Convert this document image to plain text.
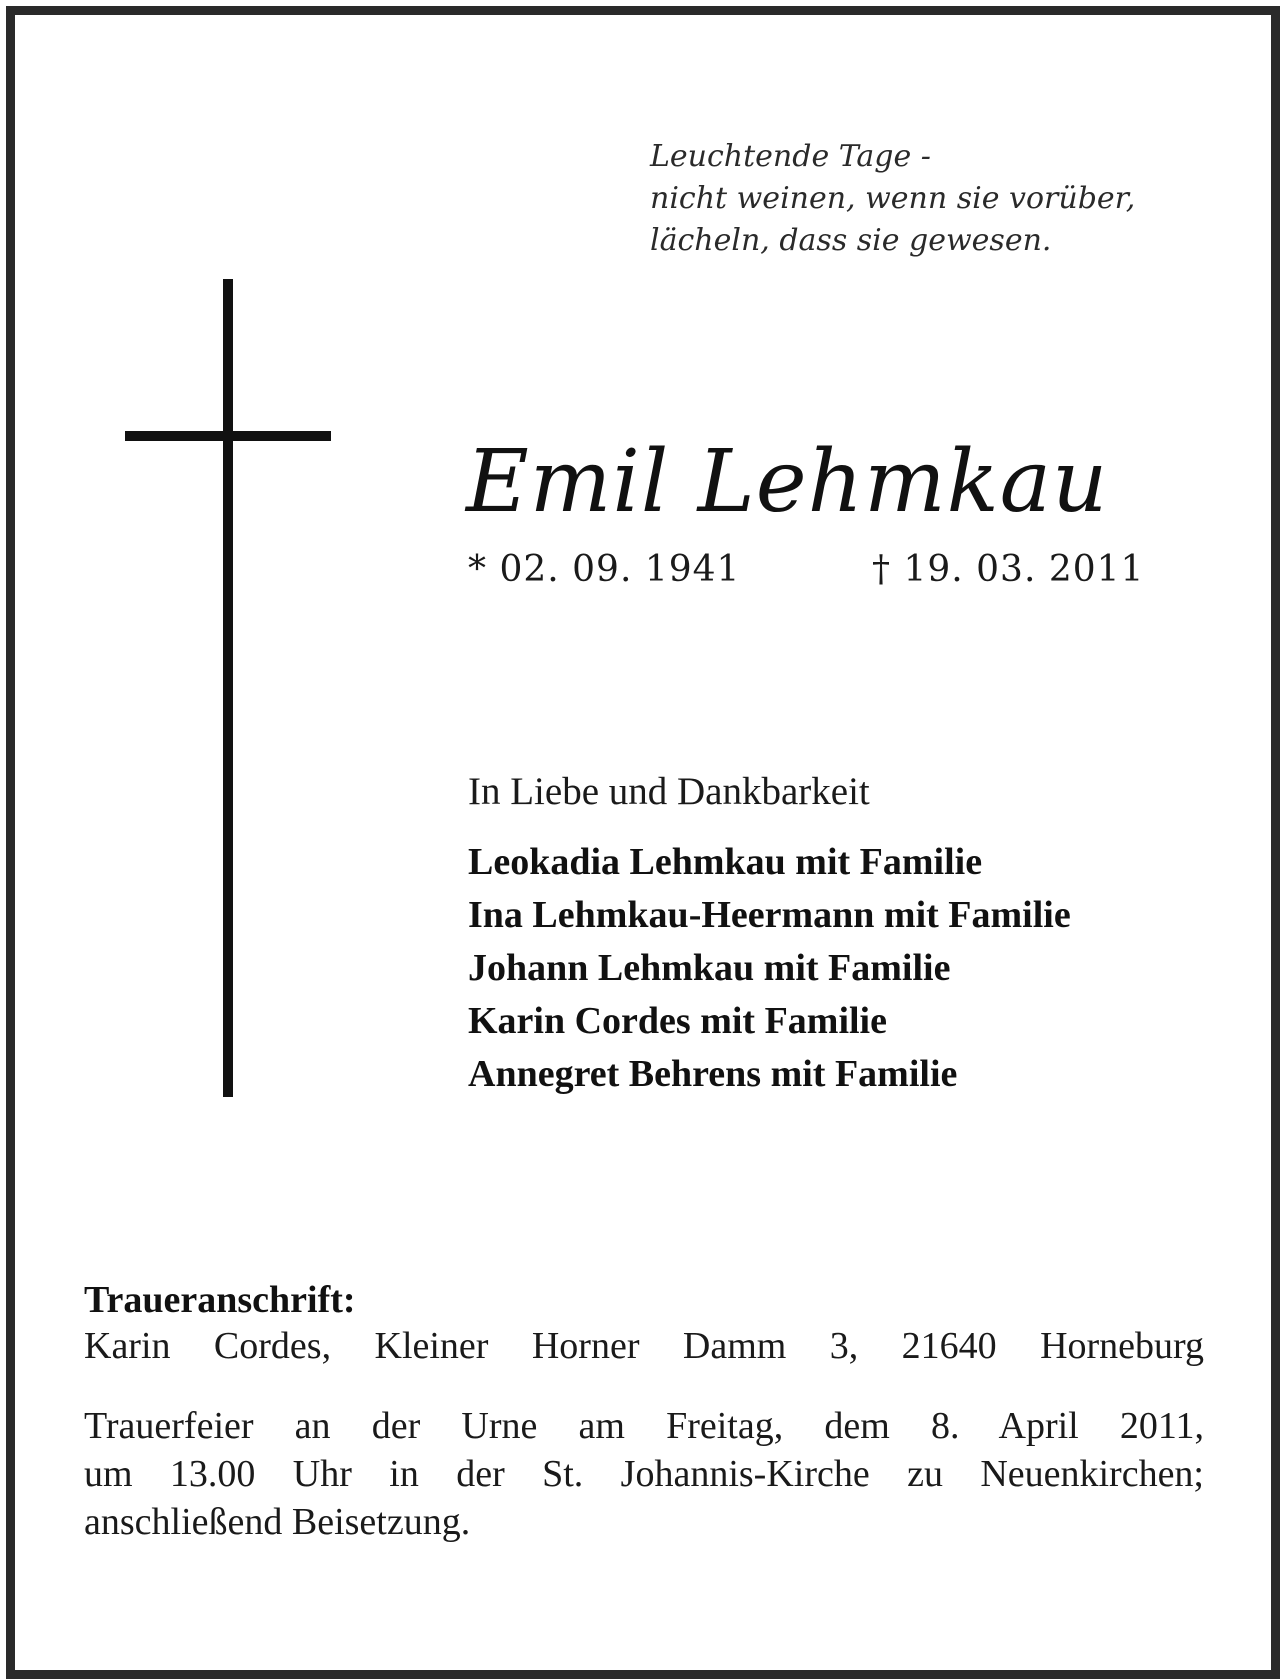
Leuchtende Tage -
nicht weinen, wenn sie vorüber,
lächeln, dass sie gewesen.
Emil Lehmkau
* 02. 09. 1941	† 19. 03. 2011
In Liebe und Dankbarkeit
Leokadia Lehmkau mit Familie
Ina Lehmkau-Heermann mit Familie
Johann Lehmkau mit Familie
Karin Cordes mit Familie
Annegret Behrens mit Familie
Traueranschrift:
Karin Cordes, Kleiner Horner Damm 3, 21640 Horneburg
Trauerfeier an der Urne am Freitag, dem 8. April 2011,
um 13.00 Uhr in der St. Johannis-Kirche zu Neuenkirchen;
anschließend Beisetzung.
